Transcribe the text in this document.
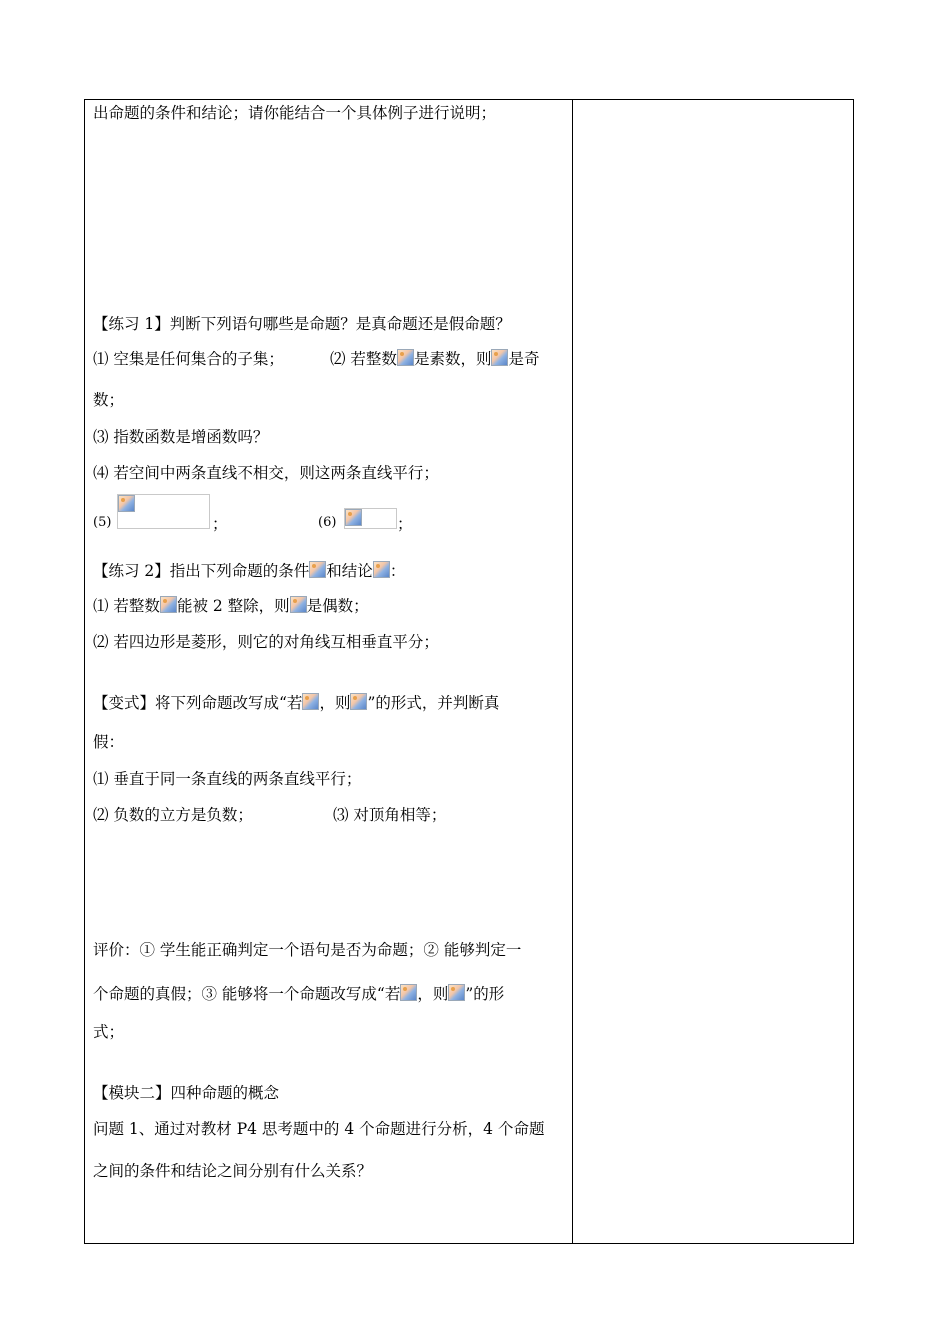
出命题的条件和结论；请你能结合一个具体例子进行说明；
【练习 1】判断下列语句哪些是命题？是真命题还是假命题？
⑴ 空集是任何集合的子集；	⑵ 若整数 是素数，则 是奇
数；
⑶ 指数函数是增函数吗？
⑷ 若空间中两条直线不相交，则这两条直线平行；
(5)	；	(6)	；
【练习 2】指出下列命题的条件 和结论 ：
⑴ 若整数 能被 2 整除，则 是偶数；
⑵ 若四边形是菱形，则它的对角线互相垂直平分；
【变式】将下列命题改写成“若 ，则 ”的形式，并判断真
假：
⑴ 垂直于同一条直线的两条直线平行；
⑵ 负数的立方是负数；	⑶ 对顶角相等；
评价：① 学生能正确判定一个语句是否为命题；② 能够判定一
个命题的真假；③ 能够将一个命题改写成“若 ，则 ”的形
式；
【模块二】四种命题的概念
问题 1、通过对教材 P4 思考题中的 4 个命题进行分析，4 个命题
之间的条件和结论之间分别有什么关系？
